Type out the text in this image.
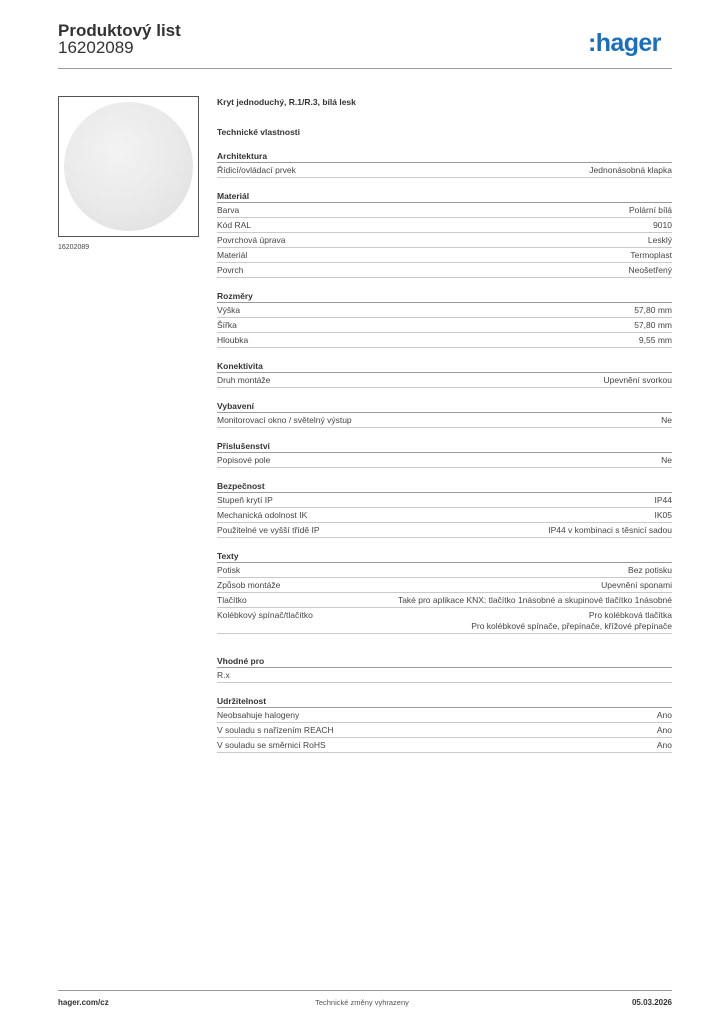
Produktový list
16202089	:hager
16202089
Kryt jednoduchý, R.1/R.3, bílá lesk
Technické vlastnosti
Architektura
Řídicí/ovládací prvek	Jednonásobná klapka
Materiál
Barva	Polární bílá
Kód RAL	9010
Povrchová úprava	Lesklý
Materiál	Termoplast
Povrch	Neošetřený
Rozměry
Výška	57,80 mm
Šířka	57,80 mm
Hloubka	9,55 mm
Konektivita
Druh montáže	Upevnění svorkou
Vybavení
Monitorovací okno / světelný výstup	Ne
Příslušenství
Popisové pole	Ne
Bezpečnost
Stupeň krytí IP	IP44
Mechanická odolnost IK	IK05
Použitelné ve vyšší třídě IP	IP44 v kombinaci s těsnicí sadou
Texty
Potisk	Bez potisku
Způsob montáže	Upevnění sponami
Tlačítko	Také pro aplikace KNX: tlačítko 1násobné a skupinové tlačítko 1násobné
Kolébkový spínač/tlačítko	Pro kolébková tlačítka
Pro kolébkové spínače, přepínače, křížové přepínače
Vhodné pro
R.x
Udržitelnost
Neobsahuje halogeny	Ano
V souladu s nařízením REACH	Ano
V souladu se směrnicí RoHS	Ano
hager.com/cz	Technické změny vyhrazeny	05.03.2026
